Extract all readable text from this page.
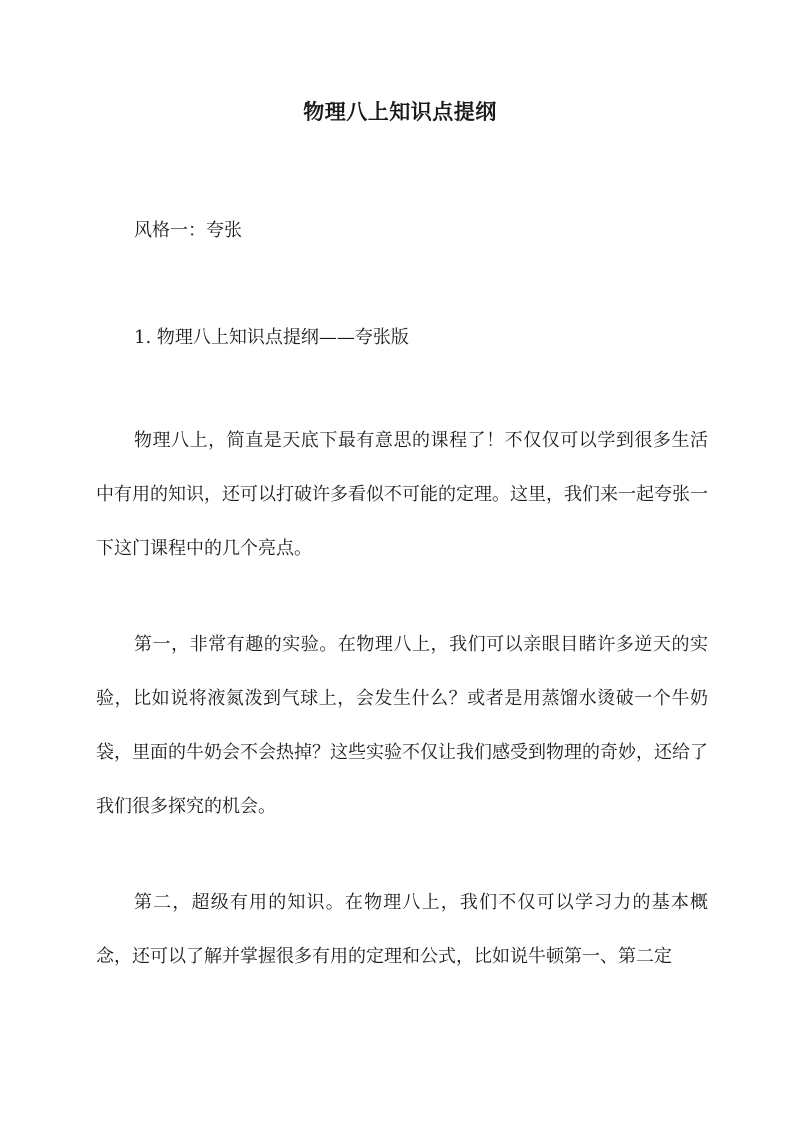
物理八上知识点提纲

风格一：夸张

1. 物理八上知识点提纲——夸张版

物理八上，简直是天底下最有意思的课程了！不仅仅可以学到很多生活中有用的知识，还可以打破许多看似不可能的定理。这里，我们来一起夸张一下这门课程中的几个亮点。

第一，非常有趣的实验。在物理八上，我们可以亲眼目睹许多逆天的实验，比如说将液氮泼到气球上，会发生什么？或者是用蒸馏水烫破一个牛奶袋，里面的牛奶会不会热掉？这些实验不仅让我们感受到物理的奇妙，还给了我们很多探究的机会。

第二，超级有用的知识。在物理八上，我们不仅可以学习力的基本概念，还可以了解并掌握很多有用的定理和公式，比如说牛顿第一、第二定
